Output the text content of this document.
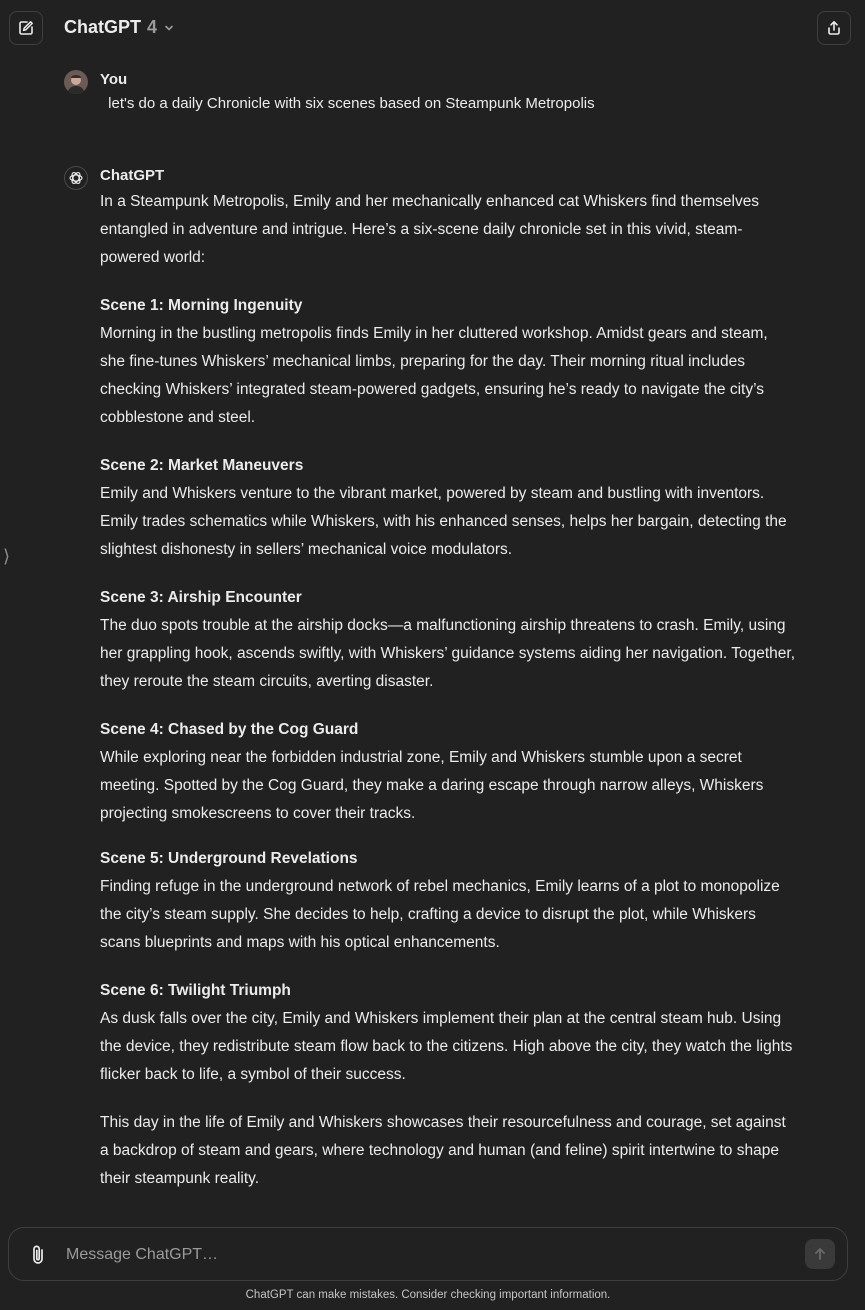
ChatGPT 4
⟩
You
let's do a daily Chronicle with six scenes based on Steampunk Metropolis
ChatGPT

In a Steampunk Metropolis, Emily and her mechanically enhanced cat Whiskers find themselves entangled in adventure and intrigue. Here’s a six-scene daily chronicle set in this vivid, steam-powered world:

Scene 1: Morning Ingenuity

Morning in the bustling metropolis finds Emily in her cluttered workshop. Amidst gears and steam, she fine-tunes Whiskers’ mechanical limbs, preparing for the day. Their morning ritual includes checking Whiskers’ integrated steam-powered gadgets, ensuring he’s ready to navigate the city’s cobblestone and steel.

Scene 2: Market Maneuvers

Emily and Whiskers venture to the vibrant market, powered by steam and bustling with inventors. Emily trades schematics while Whiskers, with his enhanced senses, helps her bargain, detecting the slightest dishonesty in sellers’ mechanical voice modulators.

Scene 3: Airship Encounter

The duo spots trouble at the airship docks—a malfunctioning airship threatens to crash. Emily, using her grappling hook, ascends swiftly, with Whiskers’ guidance systems aiding her navigation. Together, they reroute the steam circuits, averting disaster.

Scene 4: Chased by the Cog Guard

While exploring near the forbidden industrial zone, Emily and Whiskers stumble upon a secret meeting. Spotted by the Cog Guard, they make a daring escape through narrow alleys, Whiskers projecting smokescreens to cover their tracks.

Scene 5: Underground Revelations

Finding refuge in the underground network of rebel mechanics, Emily learns of a plot to monopolize the city’s steam supply. She decides to help, crafting a device to disrupt the plot, while Whiskers scans blueprints and maps with his optical enhancements.

Scene 6: Twilight Triumph

As dusk falls over the city, Emily and Whiskers implement their plan at the central steam hub. Using the device, they redistribute steam flow back to the citizens. High above the city, they watch the lights flicker back to life, a symbol of their success.

This day in the life of Emily and Whiskers showcases their resourcefulness and courage, set against a backdrop of steam and gears, where technology and human (and feline) spirit intertwine to shape their steampunk reality.

Message ChatGPT…
ChatGPT can make mistakes. Consider checking important information.
